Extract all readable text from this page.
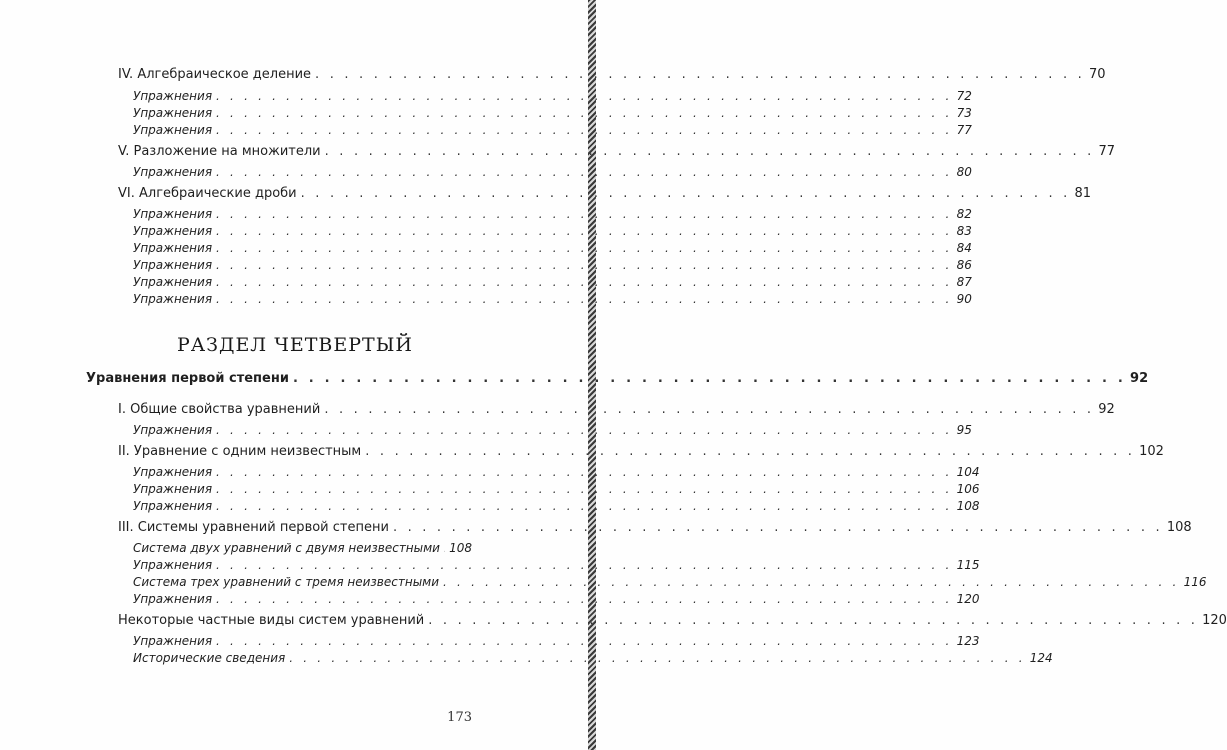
IV. Алгебраическое деление . . . . . . . . . . . . . . . . . . . . . . . . . . . . . . . . . . . . . . . . . . . . . . . . . . . . . 70
Упражнения . . . . . . . . . . . . . . . . . . . . . . . . . . . . . . . . . . . . . . . . . . . . . . . . . . . . . 72
Упражнения . . . . . . . . . . . . . . . . . . . . . . . . . . . . . . . . . . . . . . . . . . . . . . . . . . . . . 73
Упражнения . . . . . . . . . . . . . . . . . . . . . . . . . . . . . . . . . . . . . . . . . . . . . . . . . . . . . 77
V. Разложение на множители . . . . . . . . . . . . . . . . . . . . . . . . . . . . . . . . . . . . . . . . . . . . . . . . . . . . . 77
Упражнения . . . . . . . . . . . . . . . . . . . . . . . . . . . . . . . . . . . . . . . . . . . . . . . . . . . . . 80
VI. Алгебраические дроби . . . . . . . . . . . . . . . . . . . . . . . . . . . . . . . . . . . . . . . . . . . . . . . . . . . . . 81
Упражнения . . . . . . . . . . . . . . . . . . . . . . . . . . . . . . . . . . . . . . . . . . . . . . . . . . . . . 82
Упражнения . . . . . . . . . . . . . . . . . . . . . . . . . . . . . . . . . . . . . . . . . . . . . . . . . . . . . 83
Упражнения . . . . . . . . . . . . . . . . . . . . . . . . . . . . . . . . . . . . . . . . . . . . . . . . . . . . . 84
Упражнения . . . . . . . . . . . . . . . . . . . . . . . . . . . . . . . . . . . . . . . . . . . . . . . . . . . . . 86
Упражнения . . . . . . . . . . . . . . . . . . . . . . . . . . . . . . . . . . . . . . . . . . . . . . . . . . . . . 87
Упражнения . . . . . . . . . . . . . . . . . . . . . . . . . . . . . . . . . . . . . . . . . . . . . . . . . . . . . 90
РАЗДЕЛ ЧЕТВЕРТЫЙ
Уравнения первой степени . . . . . . . . . . . . . . . . . . . . . . . . . . . . . . . . . . . . . . . . . . . . . . . . . . . . . 92
I. Общие свойства уравнений . . . . . . . . . . . . . . . . . . . . . . . . . . . . . . . . . . . . . . . . . . . . . . . . . . . . . 92
Упражнения . . . . . . . . . . . . . . . . . . . . . . . . . . . . . . . . . . . . . . . . . . . . . . . . . . . . . 95
II. Уравнение с одним неизвестным . . . . . . . . . . . . . . . . . . . . . . . . . . . . . . . . . . . . . . . . . . . . . . . . . . . . . 102
Упражнения . . . . . . . . . . . . . . . . . . . . . . . . . . . . . . . . . . . . . . . . . . . . . . . . . . . . . 104
Упражнения . . . . . . . . . . . . . . . . . . . . . . . . . . . . . . . . . . . . . . . . . . . . . . . . . . . . . 106
Упражнения . . . . . . . . . . . . . . . . . . . . . . . . . . . . . . . . . . . . . . . . . . . . . . . . . . . . . 108
III. Системы уравнений первой степени . . . . . . . . . . . . . . . . . . . . . . . . . . . . . . . . . . . . . . . . . . . . . . . . . . . . . 108
Система двух уравнений с двумя неизвестными 108
Упражнения . . . . . . . . . . . . . . . . . . . . . . . . . . . . . . . . . . . . . . . . . . . . . . . . . . . . . 115
Система трех уравнений с тремя неизвестными . . . . . . . . . . . . . . . . . . . . . . . . . . . . . . . . . . . . . . . . . . . . . . . . . . . . . 116
Упражнения . . . . . . . . . . . . . . . . . . . . . . . . . . . . . . . . . . . . . . . . . . . . . . . . . . . . . 120
Некоторые частные виды систем уравнений . . . . . . . . . . . . . . . . . . . . . . . . . . . . . . . . . . . . . . . . . . . . . . . . . . . . . 120
Упражнения . . . . . . . . . . . . . . . . . . . . . . . . . . . . . . . . . . . . . . . . . . . . . . . . . . . . . 123
Исторические сведения . . . . . . . . . . . . . . . . . . . . . . . . . . . . . . . . . . . . . . . . . . . . . . . . . . . . . 124
173
